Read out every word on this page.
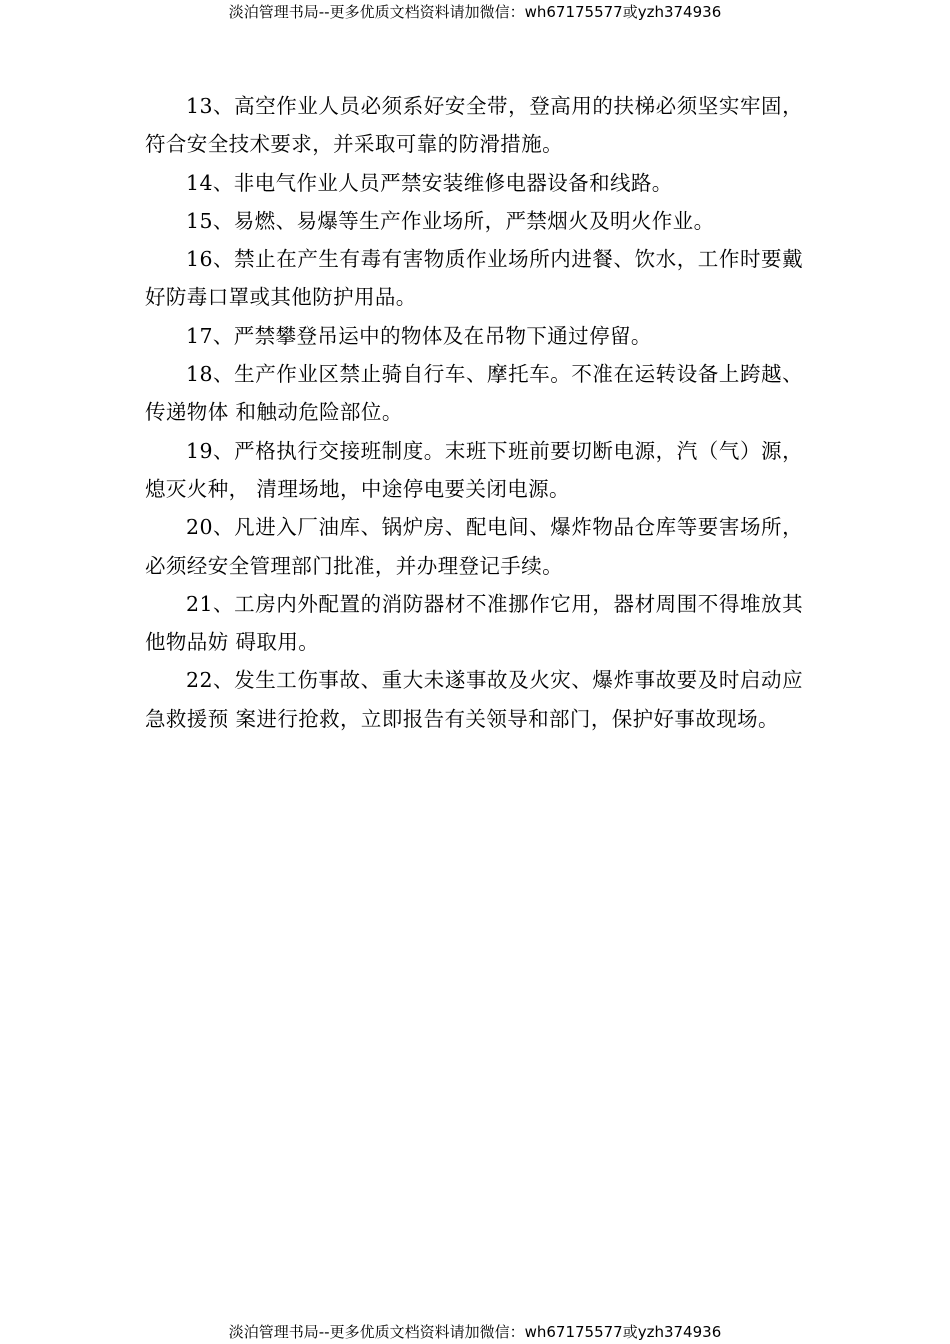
淡泊管理书局--更多优质文档资料请加微信：wh67175577或yzh374936

13、高空作业人员必须系好安全带，登高用的扶梯必须坚实牢固，符合安全技术要求，并采取可靠的防滑措施。

14、非电气作业人员严禁安装维修电器设备和线路。

15、易燃、易爆等生产作业场所，严禁烟火及明火作业。

16、禁止在产生有毒有害物质作业场所内进餐、饮水，工作时要戴好防毒口罩或其他防护用品。

17、严禁攀登吊运中的物体及在吊物下通过停留。

18、生产作业区禁止骑自行车、摩托车。不准在运转设备上跨越、传递物体 和触动危险部位。

19、严格执行交接班制度。末班下班前要切断电源，汽（气）源，熄灭火种， 清理场地，中途停电要关闭电源。

20、凡进入厂油库、锅炉房、配电间、爆炸物品仓库等要害场所，必须经安全管理部门批准，并办理登记手续。

21、工房内外配置的消防器材不准挪作它用，器材周围不得堆放其他物品妨 碍取用。

22、发生工伤事故、重大未遂事故及火灾、爆炸事故要及时启动应急救援预 案进行抢救，立即报告有关领导和部门，保护好事故现场。

淡泊管理书局--更多优质文档资料请加微信：wh67175577或yzh374936
